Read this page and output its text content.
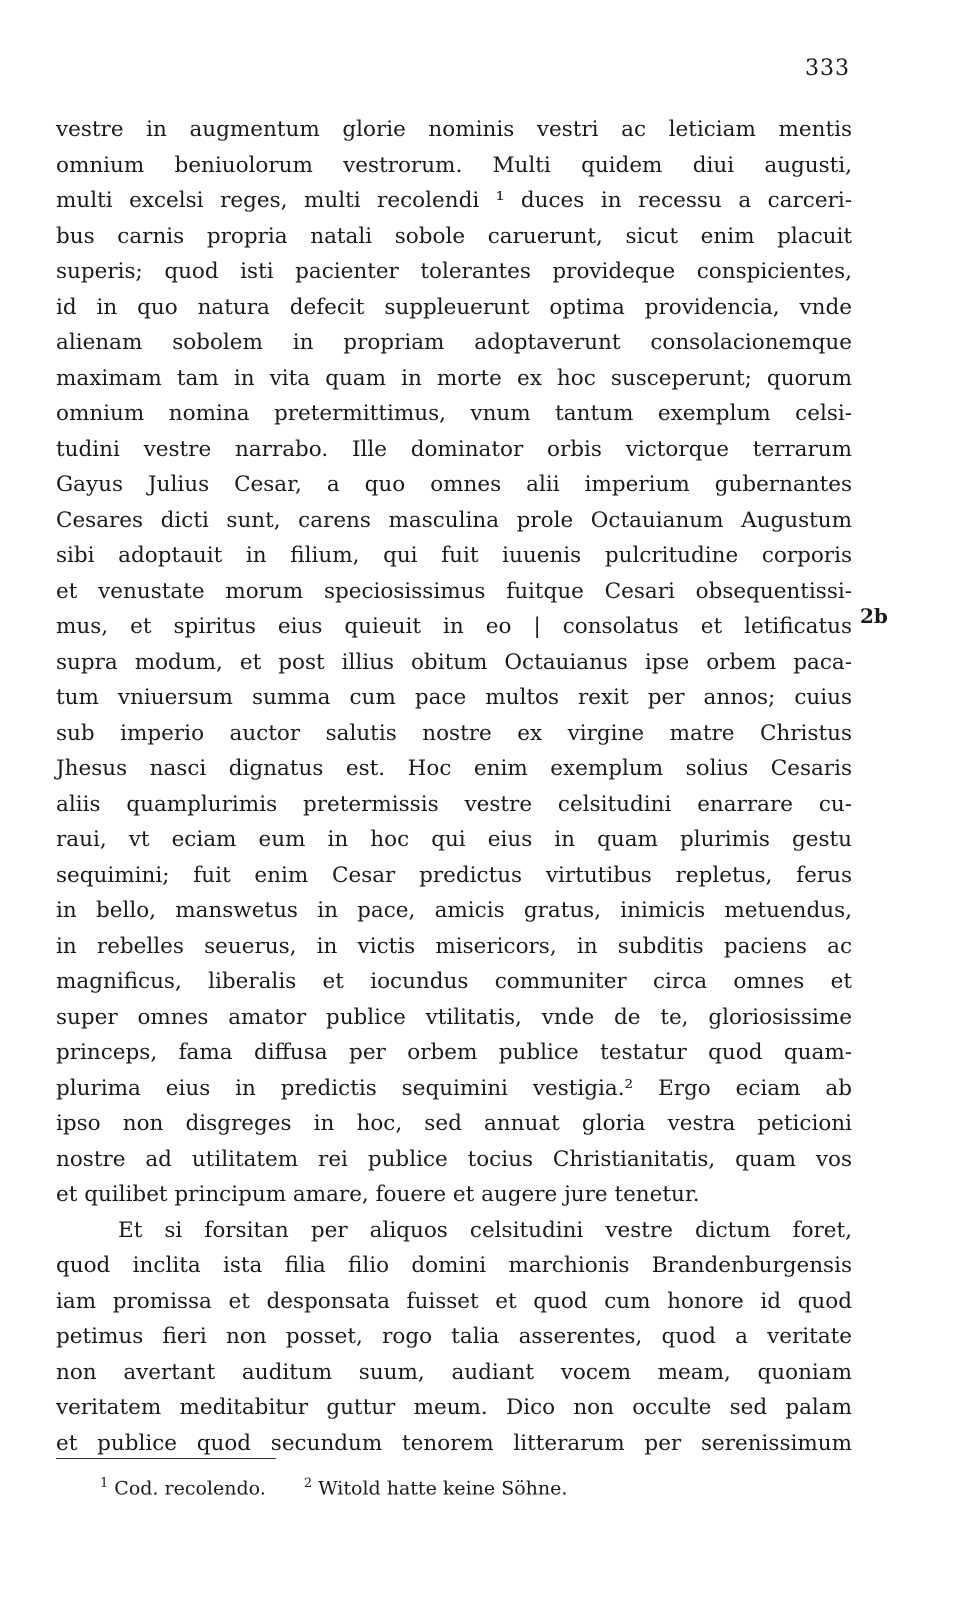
333
vestre in augmentum glorie nominis vestri ac leticiam mentis
omnium beniuolorum vestrorum. Multi quidem diui augusti,
multi excelsi reges, multi recolendi ¹ duces in recessu a carceri-
bus carnis propria natali sobole caruerunt, sicut enim placuit
superis; quod isti pacienter tolerantes provideque conspicientes,
id in quo natura defecit suppleuerunt optima providencia, vnde
alienam sobolem in propriam adoptaverunt consolacionemque
maximam tam in vita quam in morte ex hoc susceperunt; quorum
omnium nomina pretermittimus, vnum tantum exemplum celsi-
tudini vestre narrabo. Ille dominator orbis victorque terrarum
Gayus Julius Cesar, a quo omnes alii imperium gubernantes
Cesares dicti sunt, carens masculina prole Octauianum Augustum
sibi adoptauit in filium, qui fuit iuuenis pulcritudine corporis
et venustate morum speciosissimus fuitque Cesari obsequentissi-
mus, et spiritus eius quieuit in eo | consolatus et letificatus
supra modum, et post illius obitum Octauianus ipse orbem paca-
tum vniuersum summa cum pace multos rexit per annos; cuius
sub imperio auctor salutis nostre ex virgine matre Christus
Jhesus nasci dignatus est. Hoc enim exemplum solius Cesaris
aliis quamplurimis pretermissis vestre celsitudini enarrare cu-
raui, vt eciam eum in hoc qui eius in quam plurimis gestu
sequimini; fuit enim Cesar predictus virtutibus repletus, ferus
in bello, manswetus in pace, amicis gratus, inimicis metuendus,
in rebelles seuerus, in victis misericors, in subditis paciens ac
magnificus, liberalis et iocundus communiter circa omnes et
super omnes amator publice vtilitatis, vnde de te, gloriosissime
princeps, fama diffusa per orbem publice testatur quod quam-
plurima eius in predictis sequimini vestigia.² Ergo eciam ab
ipso non disgreges in hoc, sed annuat gloria vestra peticioni
nostre ad utilitatem rei publice tocius Christianitatis, quam vos
et quilibet principum amare, fouere et augere jure tenetur.
Et si forsitan per aliquos celsitudini vestre dictum foret,
quod inclita ista filia filio domini marchionis Brandenburgensis
iam promissa et desponsata fuisset et quod cum honore id quod
petimus fieri non posset, rogo talia asserentes, quod a veritate
non avertant auditum suum, audiant vocem meam, quoniam
veritatem meditabitur guttur meum. Dico non occulte sed palam
et publice quod secundum tenorem litterarum per serenissimum
2b
$^1$ Cod. recolendo.	$^2$ Witold hatte keine Söhne.
